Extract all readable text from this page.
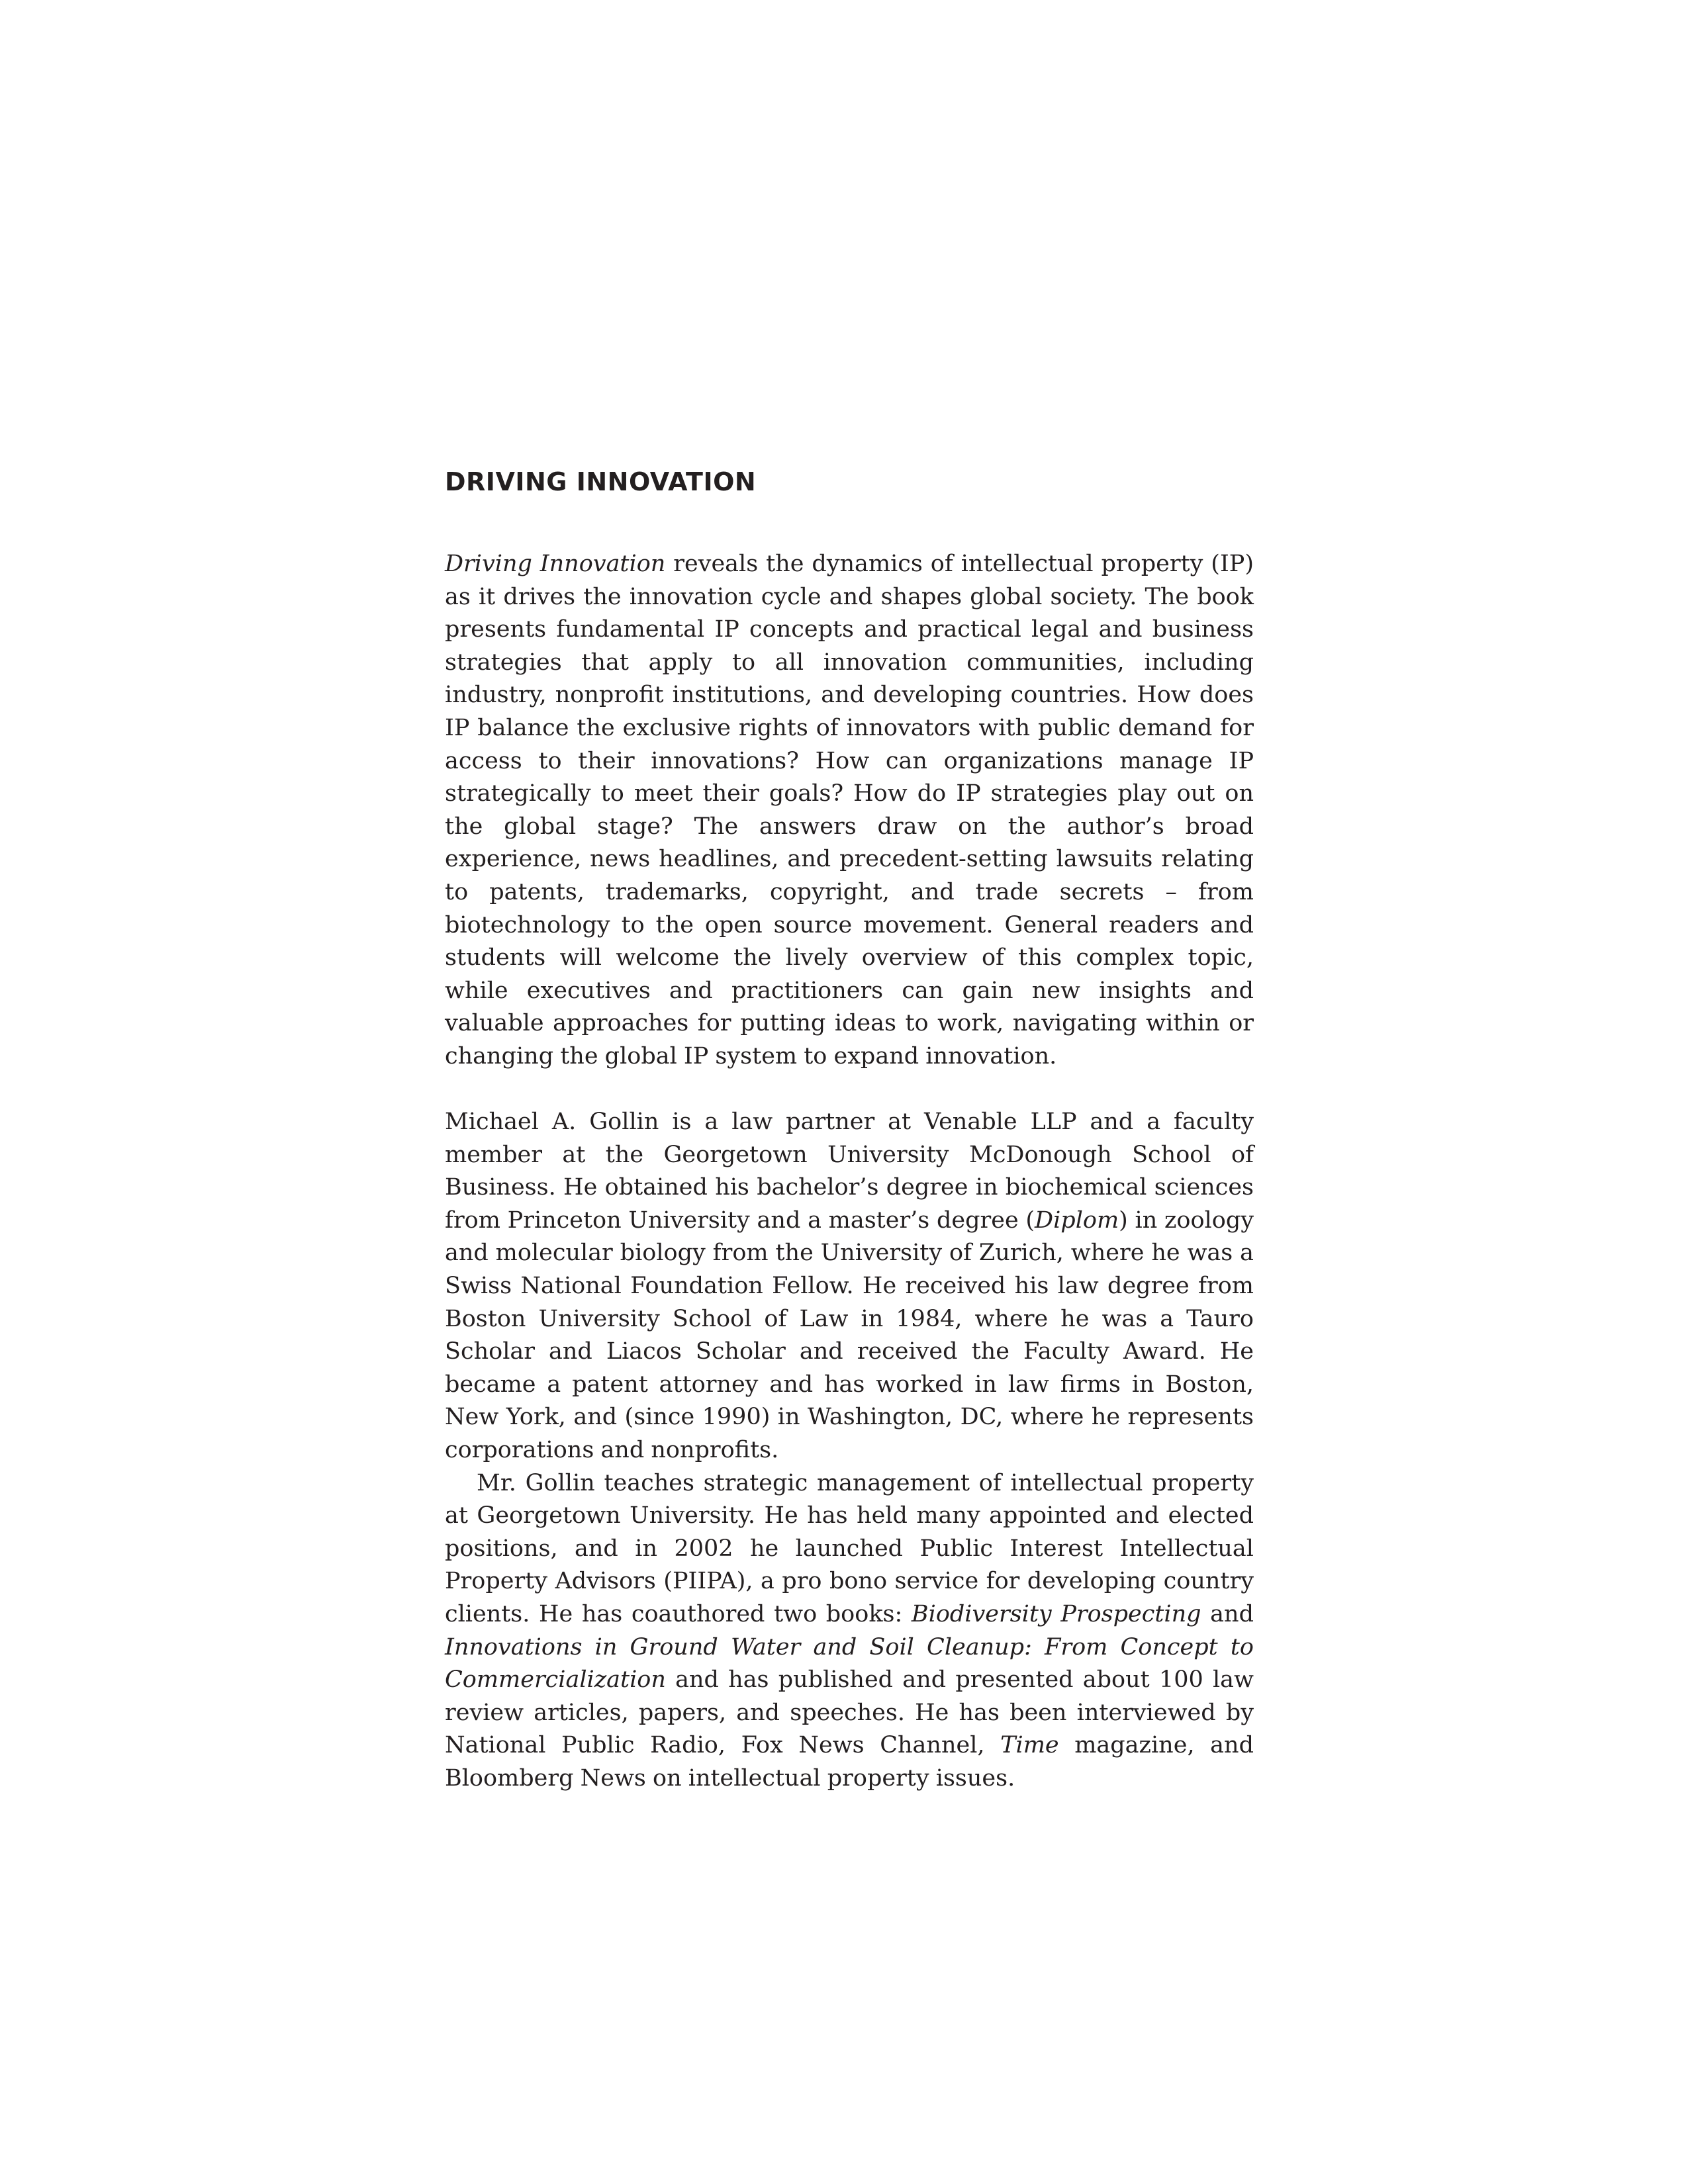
DRIVING INNOVATION

Driving Innovation reveals the dynamics of intellectual property (IP) as it drives the innovation cycle and shapes global society. The book presents fundamental IP concepts and practical legal and business strategies that apply to all innovation communities, including industry, nonprofit institutions, and developing countries. How does IP balance the exclusive rights of innovators with public demand for access to their innovations? How can organizations manage IP strategically to meet their goals? How do IP strategies play out on the global stage? The answers draw on the author’s broad experience, news headlines, and precedent-setting lawsuits relating to patents, trademarks, copyright, and trade secrets – from biotechnology to the open source movement. General readers and students will welcome the lively overview of this complex topic, while executives and practitioners can gain new insights and valuable approaches for putting ideas to work, navigating within or changing the global IP system to expand innovation.

Michael A. Gollin is a law partner at Venable LLP and a faculty member at the Georgetown University McDonough School of Business. He obtained his bachelor’s degree in biochemical sciences from Princeton University and a master’s degree (Diplom) in zoology and molecular biology from the University of Zurich, where he was a Swiss National Foundation Fellow. He received his law degree from Boston University School of Law in 1984, where he was a Tauro Scholar and Liacos Scholar and received the Faculty Award. He became a patent attorney and has worked in law firms in Boston, New York, and (since 1990) in Washington, DC, where he represents corporations and nonprofits.

Mr. Gollin teaches strategic management of intellectual property at Georgetown University. He has held many appointed and elected positions, and in 2002 he launched Public Interest Intellectual Property Advisors (PIIPA), a pro bono service for developing country clients. He has coauthored two books: Biodiversity Prospecting and Innovations in Ground Water and Soil Cleanup: From Concept to Commercialization and has published and presented about 100 law review articles, papers, and speeches. He has been interviewed by National Public Radio, Fox News Channel, Time magazine, and Bloomberg News on intellectual property issues.
